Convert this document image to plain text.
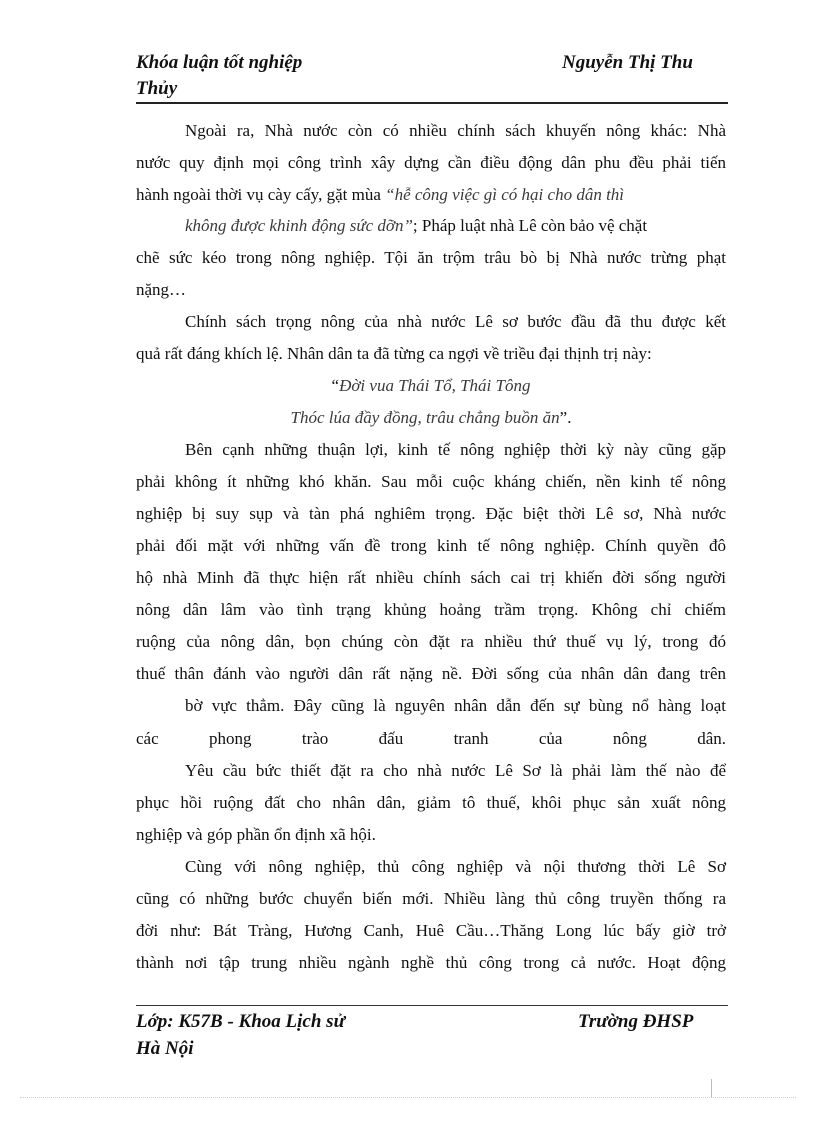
Khóa luận tốt nghiệp	Nguyễn Thị Thu
Thủy
Ngoài ra, Nhà nước còn có nhiều chính sách khuyến nông khác: Nhà
nước quy định mọi công trình xây dựng cần điều động dân phu đều phải tiến
hành ngoài thời vụ cày cấy, gặt mùa “hễ công việc gì có hại cho dân thì
không được khinh động sức dỡn”; Pháp luật nhà Lê còn bảo vệ chặt
chẽ sức kéo trong nông nghiệp. Tội ăn trộm trâu bò bị Nhà nước trừng phạt
nặng…
Chính sách trọng nông của nhà nước Lê sơ bước đầu đã thu được kết
quả rất đáng khích lệ. Nhân dân ta đã từng ca ngợi về triều đại thịnh trị này:
“Đời vua Thái Tổ, Thái Tông
Thóc lúa đầy đồng, trâu chẳng buồn ăn”.
Bên cạnh những thuận lợi, kinh tế nông nghiệp thời kỳ này cũng gặp
phải không ít những khó khăn. Sau mỗi cuộc kháng chiến, nền kinh tế nông
nghiệp bị suy sụp và tàn phá nghiêm trọng. Đặc biệt thời Lê sơ, Nhà nước
phải đối mặt với những vấn đề trong kinh tế nông nghiệp. Chính quyền đô
hộ nhà Minh đã thực hiện rất nhiều chính sách cai trị khiến đời sống người
nông dân lâm vào tình trạng khủng hoảng trầm trọng. Không chỉ chiếm
ruộng của nông dân, bọn chúng còn đặt ra nhiều thứ thuế vụ lý, trong đó
thuế thân đánh vào người dân rất nặng nề. Đời sống của nhân dân đang trên
bờ vực thẳm. Đây cũng là nguyên nhân dẫn đến sự bùng nổ hàng loạt
các phong trào đấu tranh của nông dân.
Yêu cầu bức thiết đặt ra cho nhà nước Lê Sơ là phải làm thế nào để
phục hồi ruộng đất cho nhân dân, giảm tô thuế, khôi phục sản xuất nông
nghiệp và góp phần ổn định xã hội.
Cùng với nông nghiệp, thủ công nghiệp và nội thương thời Lê Sơ
cũng có những bước chuyển biến mới. Nhiều làng thủ công truyền thống ra
đời như: Bát Tràng, Hương Canh, Huê Cầu…Thăng Long lúc bấy giờ trở
thành nơi tập trung nhiều ngành nghề thủ công trong cả nước. Hoạt động
Lớp: K57B - Khoa Lịch sử	Trường ĐHSP
Hà Nội
